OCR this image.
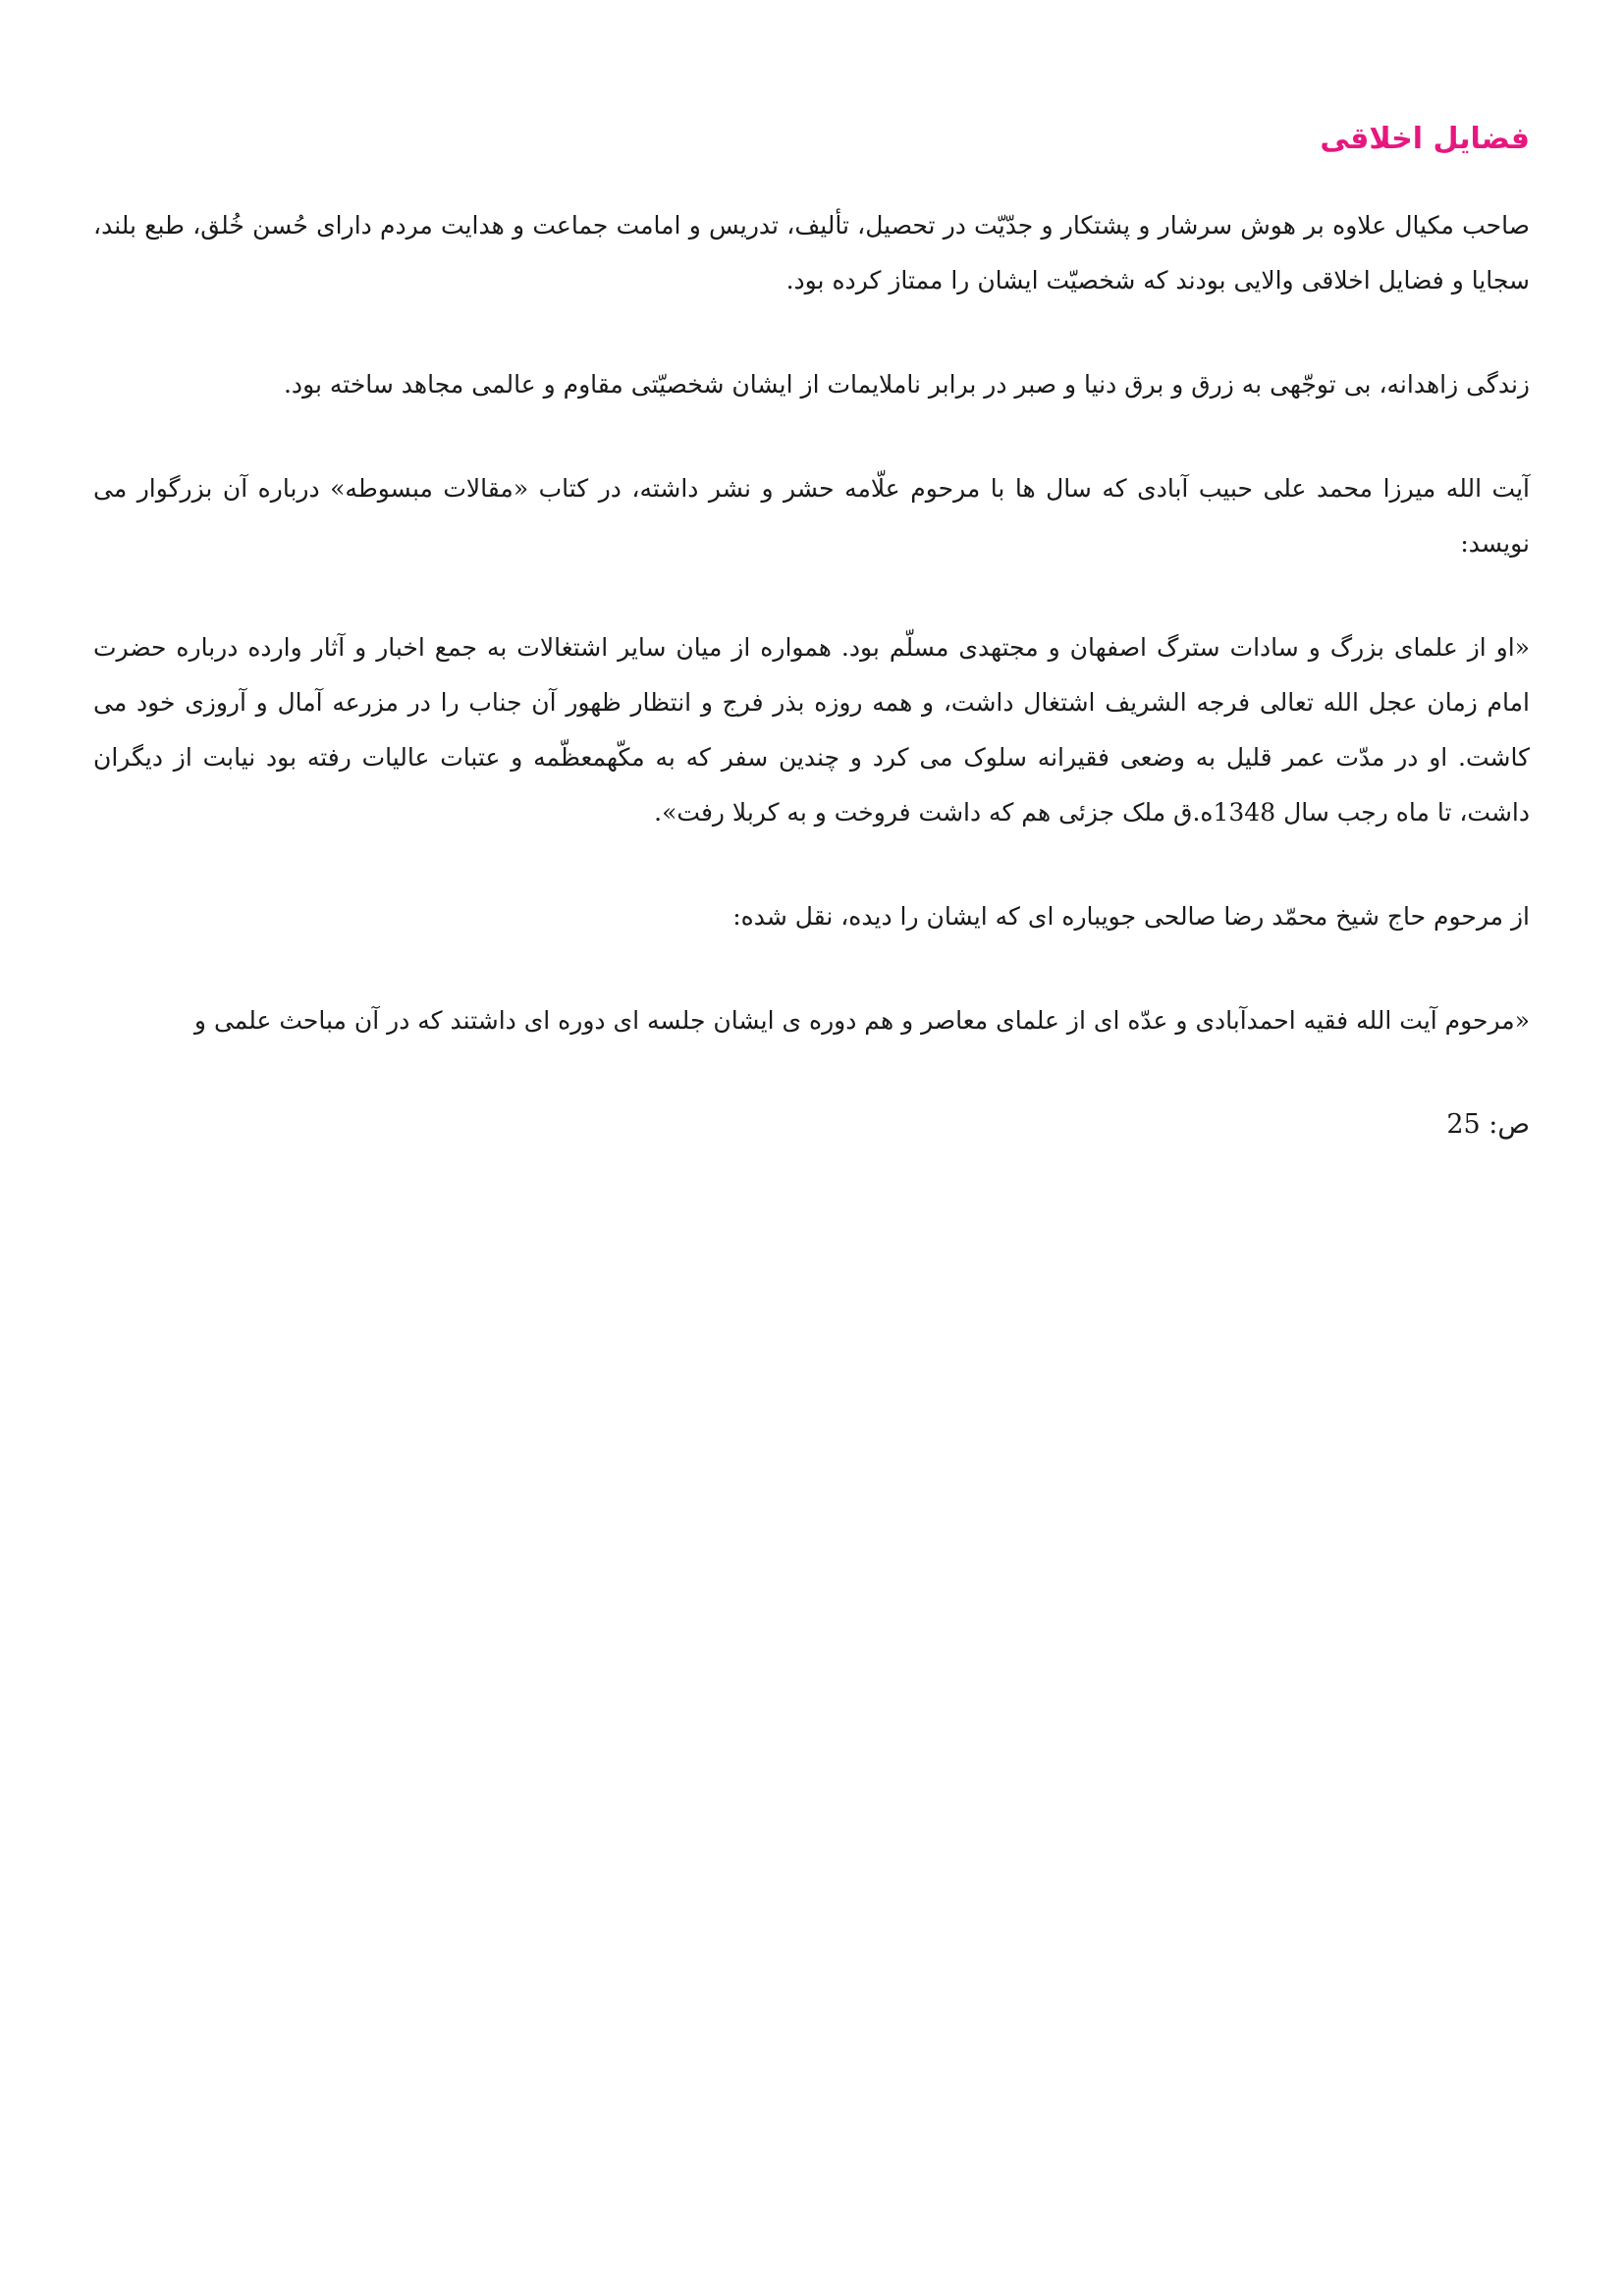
فضایل اخلاقی

صاحب مکیال علاوه بر هوش سرشار و پشتکار و جدّیّت در تحصیل، تألیف، تدریس و امامت جماعت و هدایت مردم دارای حُسن خُلق، طبع بلند، سجایا و فضایل اخلاقی والایی بودند که شخصیّت ایشان را ممتاز کرده بود.

زندگی زاهدانه، بی توجّهی به زرق و برق دنیا و صبر در برابر ناملایمات از ایشان شخصیّتی مقاوم و عالمی مجاهد ساخته بود.

آیت الله میرزا محمد علی حبیب آبادی که سال ها با مرحوم علّامه حشر و نشر داشته، در کتاب «مقالات مبسوطه» درباره آن بزرگوار می نویسد:

«او از علمای بزرگ و سادات سترگ اصفهان و مجتهدی مسلّم بود. همواره از میان سایر اشتغالات به جمع اخبار و آثار وارده درباره حضرت امام زمان عجل الله تعالی فرجه الشریف اشتغال داشت، و همه روزه بذر فرج و انتظار ظهور آن جناب را در مزرعه آمال و آروزی خود می کاشت. او در مدّت عمر قلیل به وضعی فقیرانه سلوک می کرد و چندین سفر که به مکّهمعظّمه و عتبات عالیات رفته بود نیابت از دیگران داشت، تا ماه رجب سال 1348ه.ق ملک جزئی هم که داشت فروخت و به کربلا رفت».

از مرحوم حاج شیخ محمّد رضا صالحی جویباره ای که ایشان را دیده، نقل شده:

«مرحوم آیت الله فقیه احمدآبادی و عدّه ای از علمای معاصر و هم دوره ی ایشان جلسه ای دوره ای داشتند که در آن مباحث علمی و

ص: 25
